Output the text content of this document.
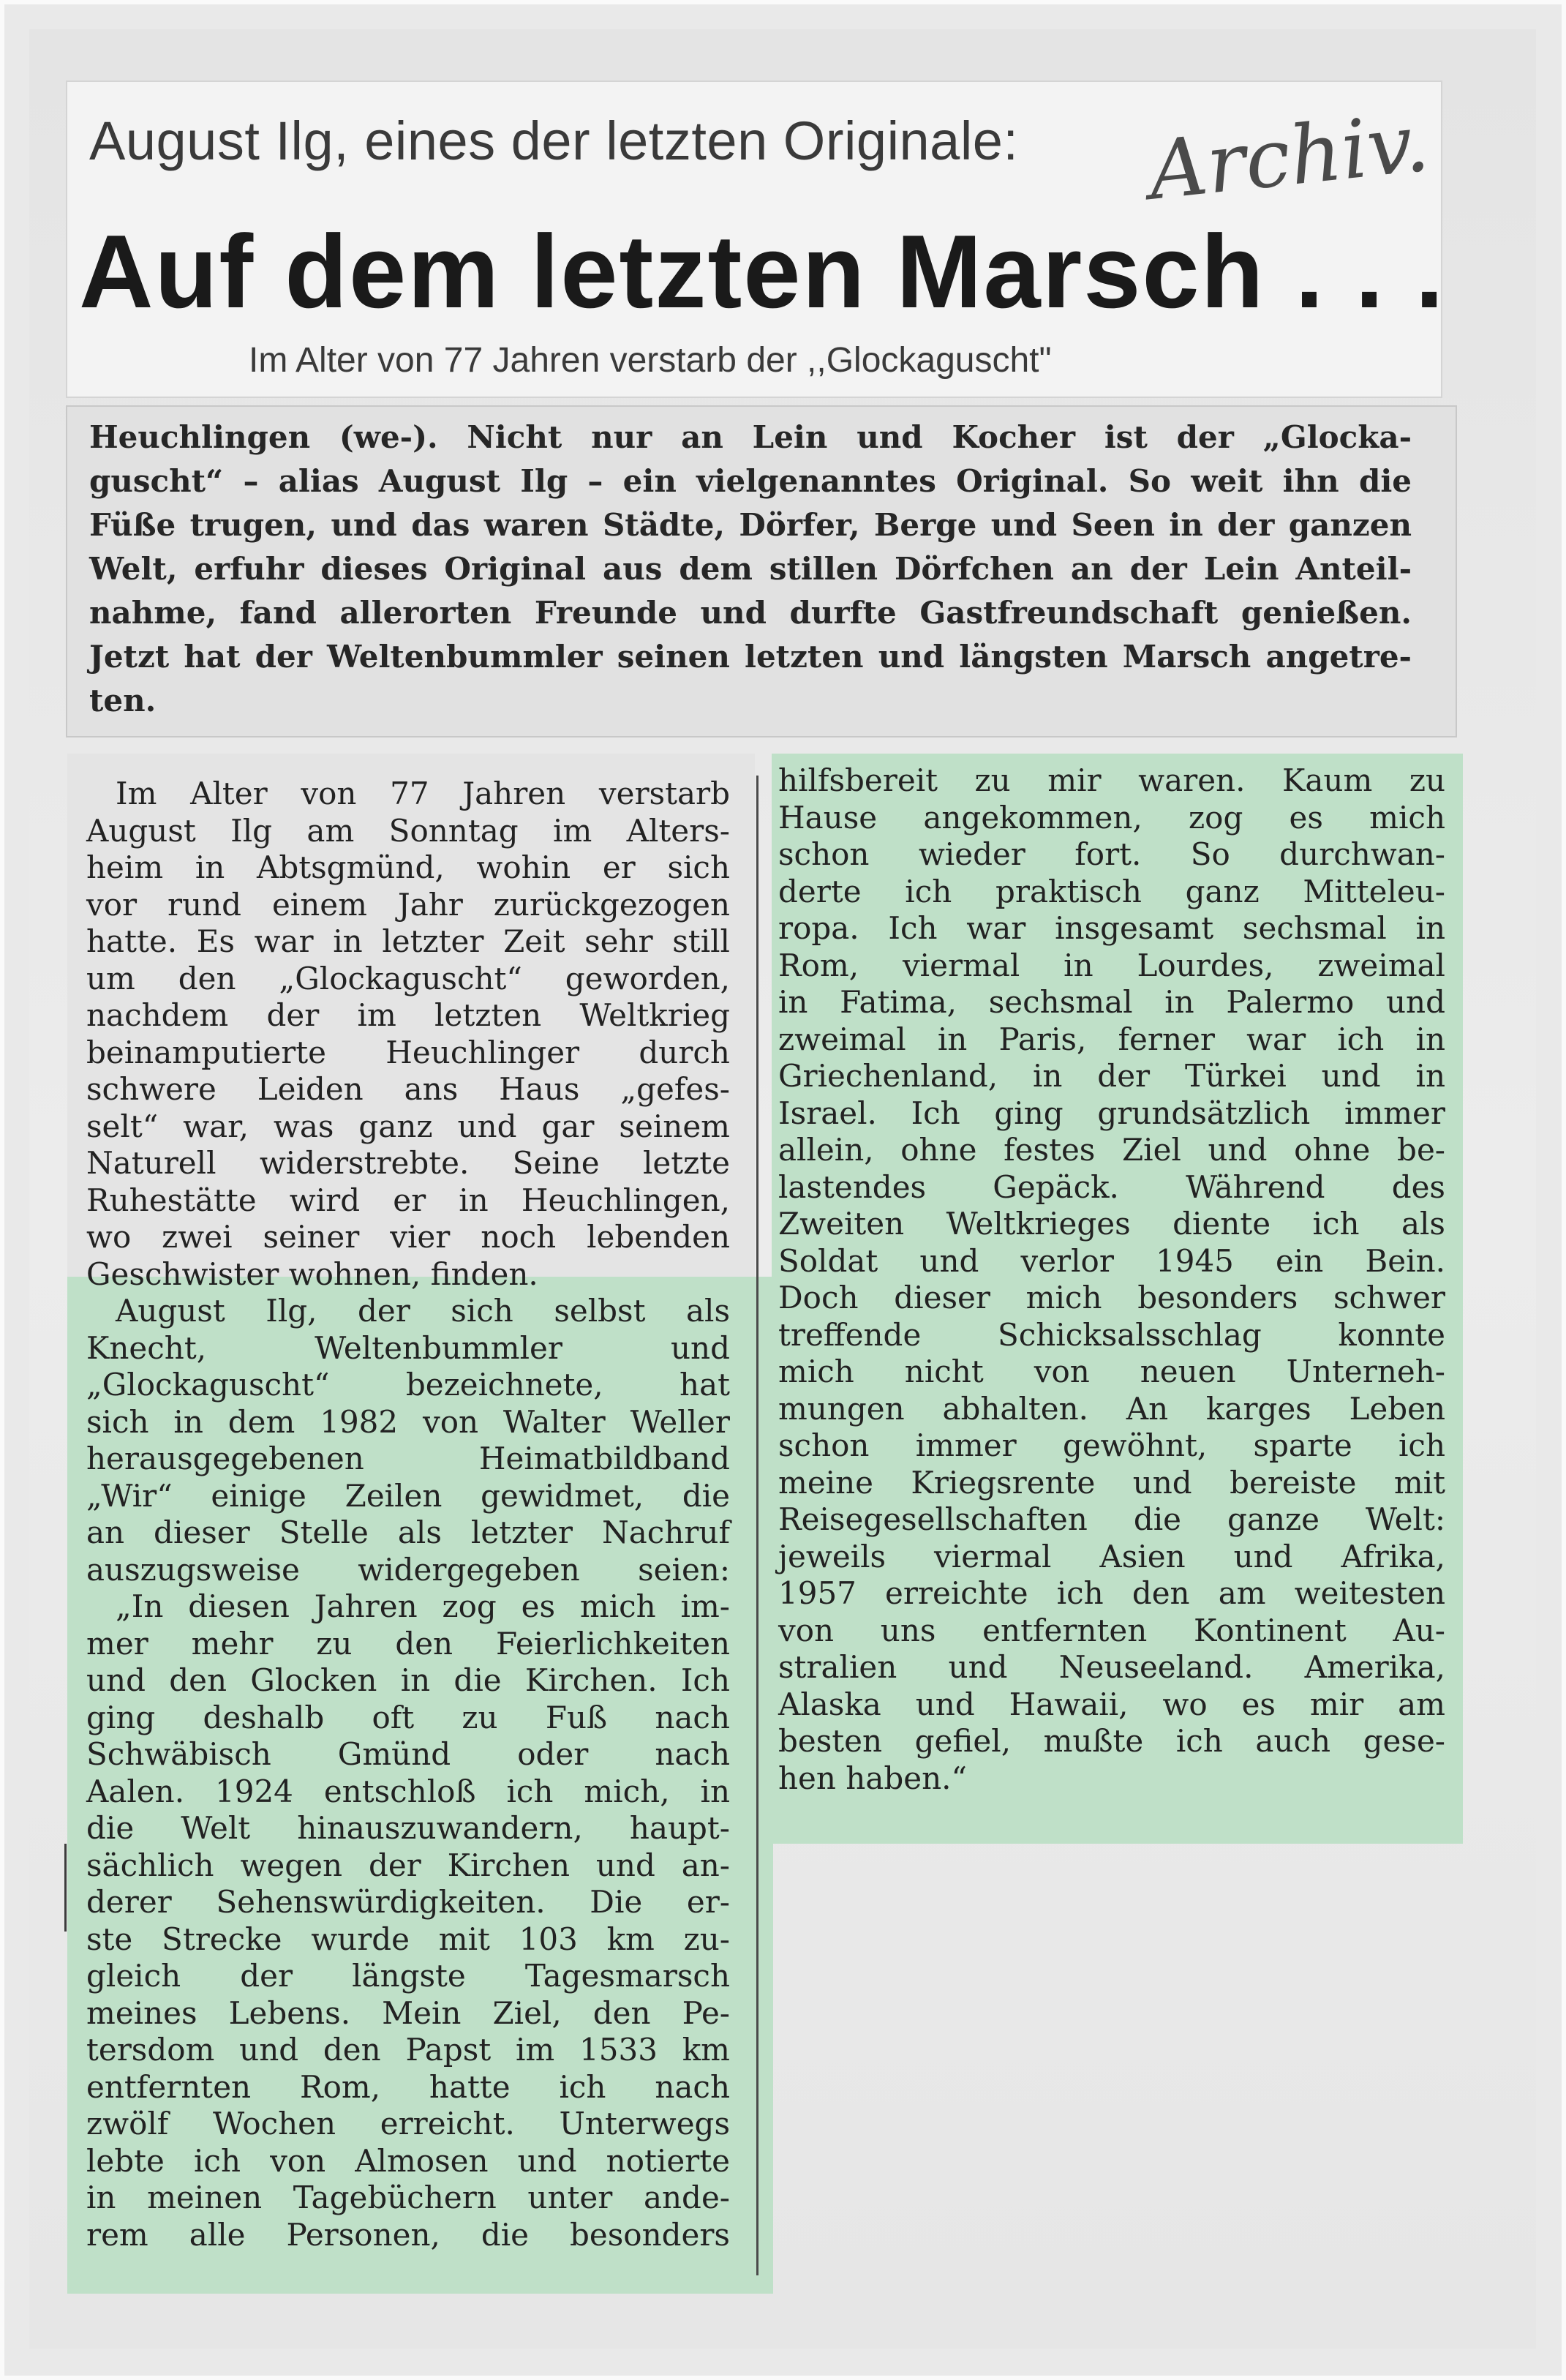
August Ilg, eines der letzten Originale: Archiv.
Auf dem letzten Marsch . . .
Im Alter von 77 Jahren verstarb der ,,Glockaguscht"

Heuchlingen (we-). Nicht nur an Lein und Kocher ist der „Glocka-

guscht“ – alias August Ilg – ein vielgenanntes Original. So weit ihn die

Füße trugen, und das waren Städte, Dörfer, Berge und Seen in der ganzen

Welt, erfuhr dieses Original aus dem stillen Dörfchen an der Lein Anteil-

nahme, fand allerorten Freunde und durfte Gastfreundschaft genießen.

Jetzt hat der Weltenbummler seinen letzten und längsten Marsch angetre-

ten.

Im Alter von 77 Jahren verstarb

August Ilg am Sonntag im Alters-

heim in Abtsgmünd, wohin er sich

vor rund einem Jahr zurückgezogen

hatte. Es war in letzter Zeit sehr still

um den „Glockaguscht“ geworden,

nachdem der im letzten Weltkrieg

beinamputierte Heuchlinger durch

schwere Leiden ans Haus „gefes-

selt“ war, was ganz und gar seinem

Naturell widerstrebte. Seine letzte

Ruhestätte wird er in Heuchlingen,

wo zwei seiner vier noch lebenden

Geschwister wohnen, finden.

August Ilg, der sich selbst als

Knecht, Weltenbummler und

„Glockaguscht“ bezeichnete, hat

sich in dem 1982 von Walter Weller

herausgegebenen Heimatbildband

„Wir“ einige Zeilen gewidmet, die

an dieser Stelle als letzter Nachruf

auszugsweise widergegeben seien:

„In diesen Jahren zog es mich im-

mer mehr zu den Feierlichkeiten

und den Glocken in die Kirchen. Ich

ging deshalb oft zu Fuß nach

Schwäbisch Gmünd oder nach

Aalen. 1924 entschloß ich mich, in

die Welt hinauszuwandern, haupt-

sächlich wegen der Kirchen und an-

derer Sehenswürdigkeiten. Die er-

ste Strecke wurde mit 103 km zu-

gleich der längste Tagesmarsch

meines Lebens. Mein Ziel, den Pe-

tersdom und den Papst im 1533 km

entfernten Rom, hatte ich nach

zwölf Wochen erreicht. Unterwegs

lebte ich von Almosen und notierte

in meinen Tagebüchern unter ande-

rem alle Personen, die besonders

hilfsbereit zu mir waren. Kaum zu

Hause angekommen, zog es mich

schon wieder fort. So durchwan-

derte ich praktisch ganz Mitteleu-

ropa. Ich war insgesamt sechsmal in

Rom, viermal in Lourdes, zweimal

in Fatima, sechsmal in Palermo und

zweimal in Paris, ferner war ich in

Griechenland, in der Türkei und in

Israel. Ich ging grundsätzlich immer

allein, ohne festes Ziel und ohne be-

lastendes Gepäck. Während des

Zweiten Weltkrieges diente ich als

Soldat und verlor 1945 ein Bein.

Doch dieser mich besonders schwer

treffende Schicksalsschlag konnte

mich nicht von neuen Unterneh-

mungen abhalten. An karges Leben

schon immer gewöhnt, sparte ich

meine Kriegsrente und bereiste mit

Reisegesellschaften die ganze Welt:

jeweils viermal Asien und Afrika,

1957 erreichte ich den am weitesten

von uns entfernten Kontinent Au-

stralien und Neuseeland. Amerika,

Alaska und Hawaii, wo es mir am

besten gefiel, mußte ich auch gese-

hen haben.“
